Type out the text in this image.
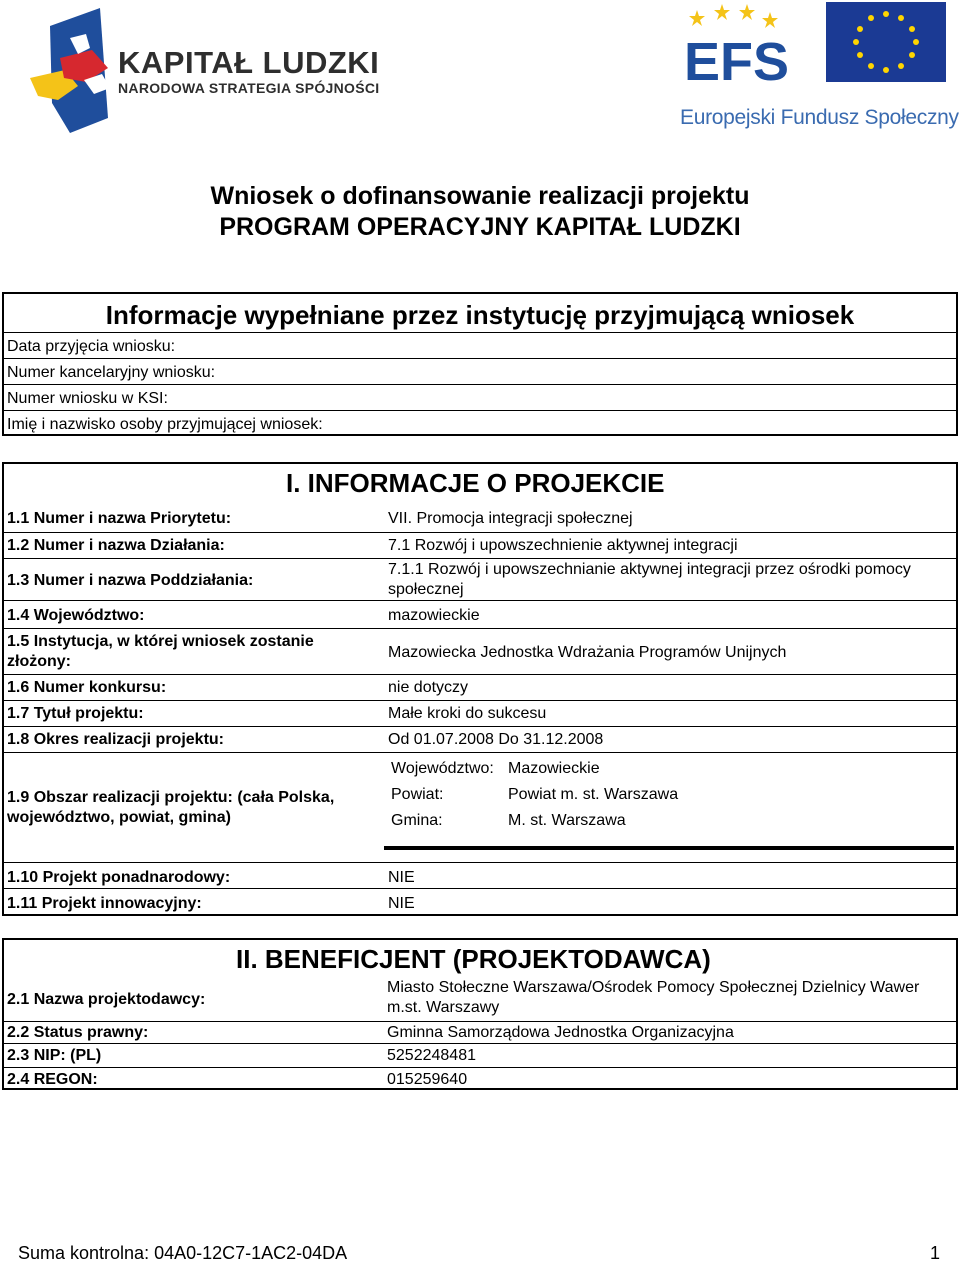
KAPITAŁ LUDZKI
NARODOWA STRATEGIA SPÓJNOŚCI	EFS
Europejski Fundusz Społeczny
Wniosek o dofinansowanie realizacji projektu
PROGRAM OPERACYJNY KAPITAŁ LUDZKI
Informacje wypełniane przez instytucję przyjmującą wniosek
Data przyjęcia wniosku:
Numer kancelaryjny wniosku:
Numer wniosku w KSI:
Imię i nazwisko osoby przyjmującej wniosek:
I. INFORMACJE O PROJEKCIE
1.1 Numer i nazwa Priorytetu:	VII. Promocja integracji społecznej
1.2 Numer i nazwa Działania:	7.1 Rozwój i upowszechnienie aktywnej integracji
1.3 Numer i nazwa Poddziałania:
7.1.1 Rozwój i upowszechnianie aktywnej integracji przez ośrodki pomocy społecznej
1.4 Województwo:	mazowieckie
1.5 Instytucja, w której wniosek zostanie złożony:
Mazowiecka Jednostka Wdrażania Programów Unijnych
1.6 Numer konkursu:	nie dotyczy
1.7 Tytuł projektu:	Małe kroki do sukcesu
1.8 Okres realizacji projektu:	Od 01.07.2008 Do 31.12.2008
1.9 Obszar realizacji projektu: (cała Polska, województwo, powiat, gmina)
Województwo: Mazowieckie
Powiat:	Powiat m. st. Warszawa
Gmina:	M. st. Warszawa
1.10 Projekt ponadnarodowy:	NIE
1.11 Projekt innowacyjny:	NIE
II. BENEFICJENT (PROJEKTODAWCA)
2.1 Nazwa projektodawcy:
Miasto Stołeczne Warszawa/Ośrodek Pomocy Społecznej Dzielnicy Wawer m.st. Warszawy
2.2 Status prawny:	Gminna Samorządowa Jednostka Organizacyjna
2.3 NIP: (PL)	5252248481
2.4 REGON:	015259640
Suma kontrolna: 04A0-12C7-1AC2-04DA	1
